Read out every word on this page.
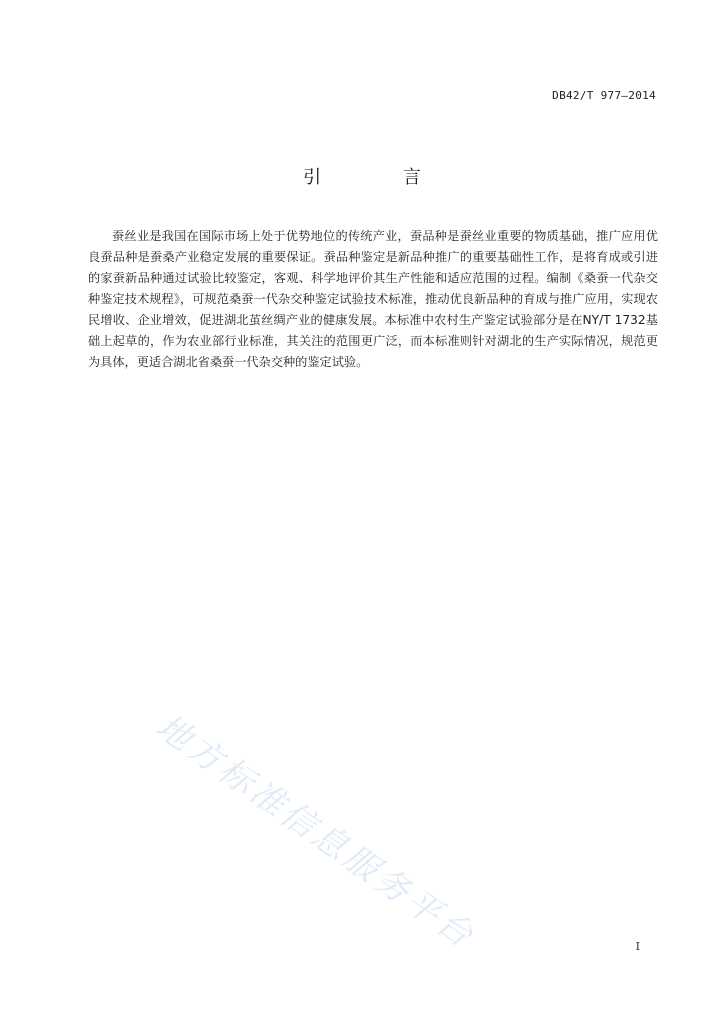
DB42/T 977—2014
引 言
蚕丝业是我国在国际市场上处于优势地位的传统产业，蚕品种是蚕丝业重要的物质基础，推广应用优良蚕品种是蚕桑产业稳定发展的重要保证。蚕品种鉴定是新品种推广的重要基础性工作，是将育成或引进的家蚕新品种通过试验比较鉴定，客观、科学地评价其生产性能和适应范围的过程。编制《桑蚕一代杂交种鉴定技术规程》，可规范桑蚕一代杂交种鉴定试验技术标准，推动优良新品种的育成与推广应用，实现农民增收、企业增效，促进湖北茧丝绸产业的健康发展。本标准中农村生产鉴定试验部分是在NY/T 1732基础上起草的，作为农业部行业标准，其关注的范围更广泛，而本标准则针对湖北的生产实际情况，规范更为具体，更适合湖北省桑蚕一代杂交种的鉴定试验。
地方标准信息服务平台	I
